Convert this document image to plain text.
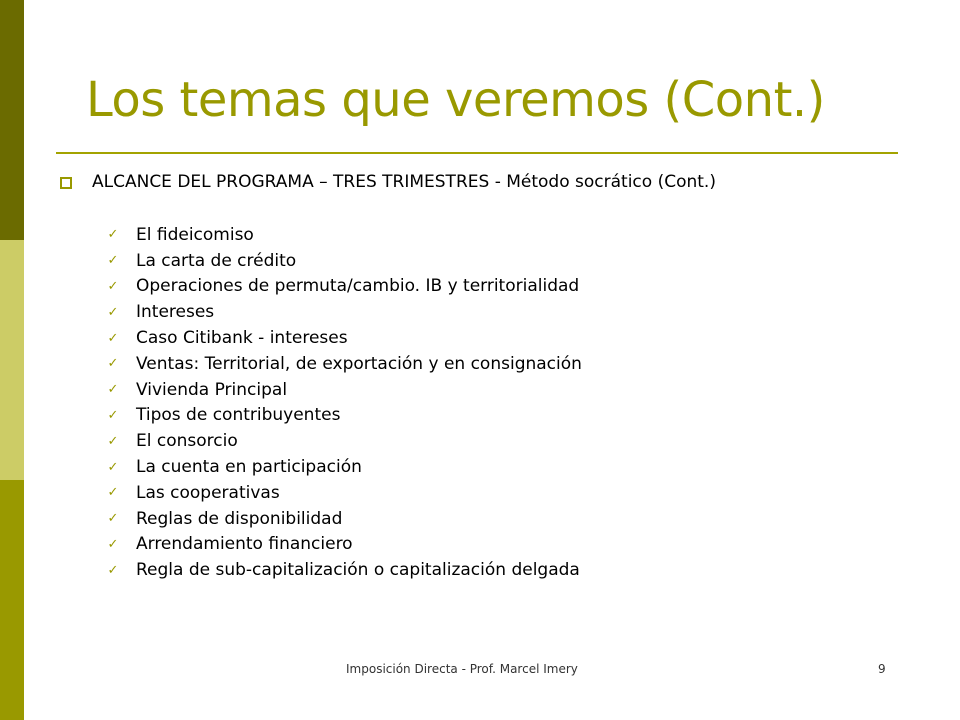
Los temas que veremos (Cont.)
ALCANCE DEL PROGRAMA – TRES TRIMESTRES - Método socrático (Cont.)
✓ El fideicomiso
✓ La carta de crédito
✓ Operaciones de permuta/cambio. IB y territorialidad
✓ Intereses
✓ Caso Citibank - intereses
✓ Ventas: Territorial, de exportación y en consignación
✓ Vivienda Principal
✓ Tipos de contribuyentes
✓ El consorcio
✓ La cuenta en participación
✓ Las cooperativas
✓ Reglas de disponibilidad
✓ Arrendamiento financiero
✓ Regla de sub-capitalización o capitalización delgada
Imposición Directa - Prof. Marcel Imery	9
